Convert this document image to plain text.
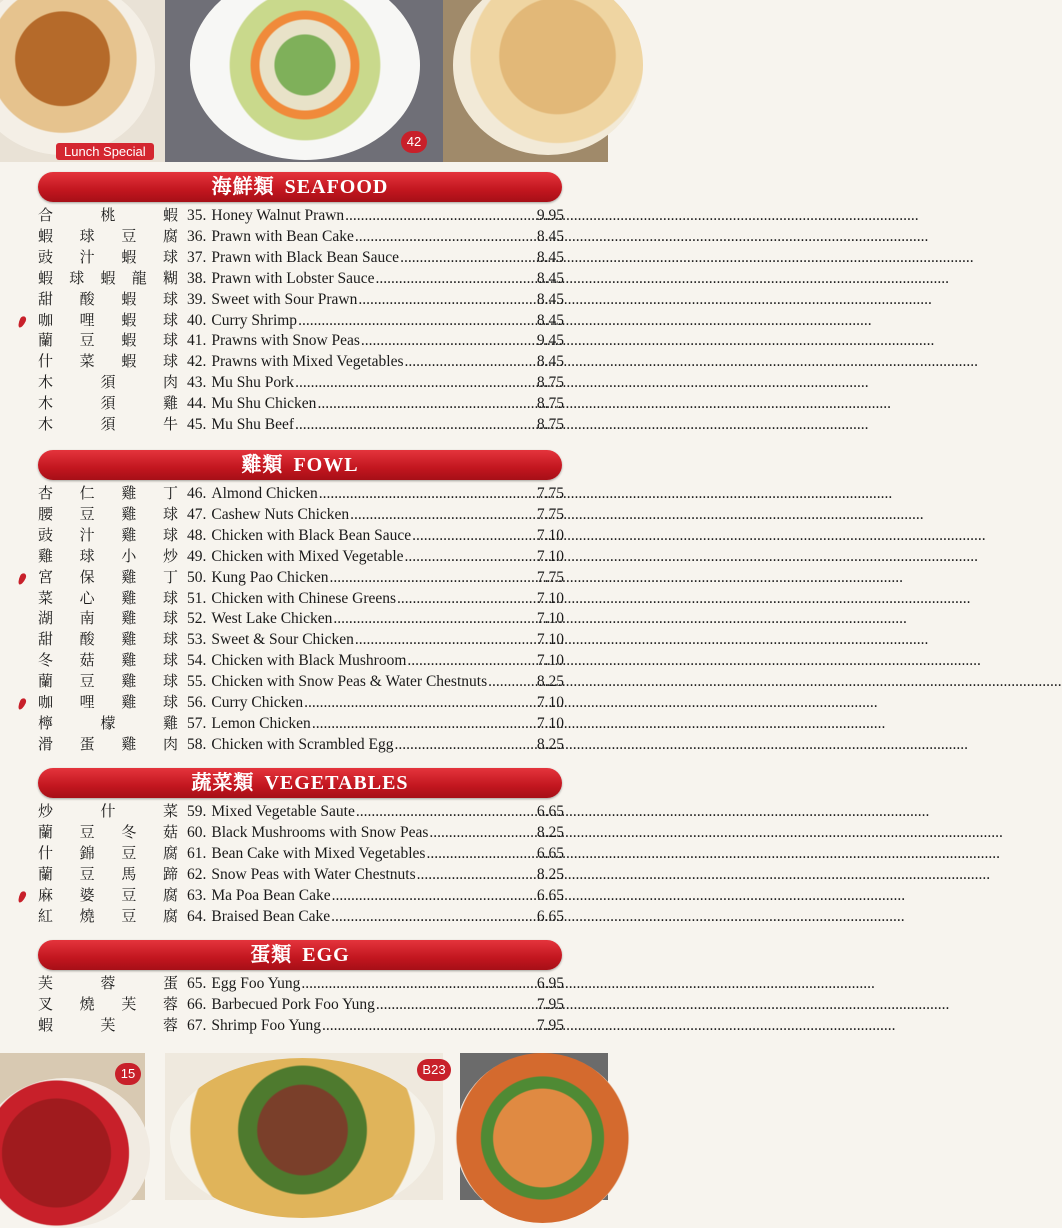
Lunch Special
42
海鮮類 SEAFOOD
合	桃	蝦 35. Honey Walnut Prawn .....	9.95
蝦 球 豆 腐 36. Prawn with Bean Cake .....	8.45
豉 汁 蝦 球 37. Prawn with Black Bean Sauce .....	8.45
蝦 球 蝦 龍 糊 38. Prawn with Lobster Sauce .....	8.45
甜 酸 蝦 球 39. Sweet with Sour Prawn .....	8.45
咖 哩 蝦 球 40. Curry Shrimp .....	8.45
蘭 豆 蝦 球 41. Prawns with Snow Peas .....	9.45
什 菜 蝦 球 42. Prawns with Mixed Vegetables .....	8.45
木	須	肉 43. Mu Shu Pork .....	8.75
木	須	雞 44. Mu Shu Chicken .....	8.75
木	須	牛 45. Mu Shu Beef .....	8.75
雞類 FOWL
杏 仁 雞 丁 46. Almond Chicken .....	7.75
腰 豆 雞 球 47. Cashew Nuts Chicken .....	7.75
豉 汁 雞 球 48. Chicken with Black Bean Sauce .....	7.10
雞 球 小 炒 49. Chicken with Mixed Vegetable .....	7.10
宮 保 雞 丁 50. Kung Pao Chicken .....	7.75
菜 心 雞 球 51. Chicken with Chinese Greens .....	7.10
湖 南 雞 球 52. West Lake Chicken .....	7.10
甜 酸 雞 球 53. Sweet & Sour Chicken .....	7.10
冬 菇 雞 球 54. Chicken with Black Mushroom .....	7.10
蘭 豆 雞 球 55. Chicken with Snow Peas & Water Chestnuts .....	8.25
咖 哩 雞 球 56. Curry Chicken .....	7.10
檸	檬	雞 57. Lemon Chicken .....	7.10
滑 蛋 雞 肉 58. Chicken with Scrambled Egg .....	8.25
蔬菜類 VEGETABLES
炒	什	菜 59. Mixed Vegetable Saute .....	6.65
蘭 豆 冬 菇 60. Black Mushrooms with Snow Peas .....	8.25
什 錦 豆 腐 61. Bean Cake with Mixed Vegetables .....	6.65
蘭 豆 馬 蹄 62. Snow Peas with Water Chestnuts .....	8.25
麻 婆 豆 腐 63. Ma Poa Bean Cake .....	6.65
紅 燒 豆 腐 64. Braised Bean Cake .....	6.65
蛋類 EGG
芙	蓉	蛋 65. Egg Foo Yung .....	6.95
叉 燒 芙 蓉 66. Barbecued Pork Foo Yung .....	7.95
蝦	芙	蓉 67. Shrimp Foo Yung .....	7.95
15	B23
